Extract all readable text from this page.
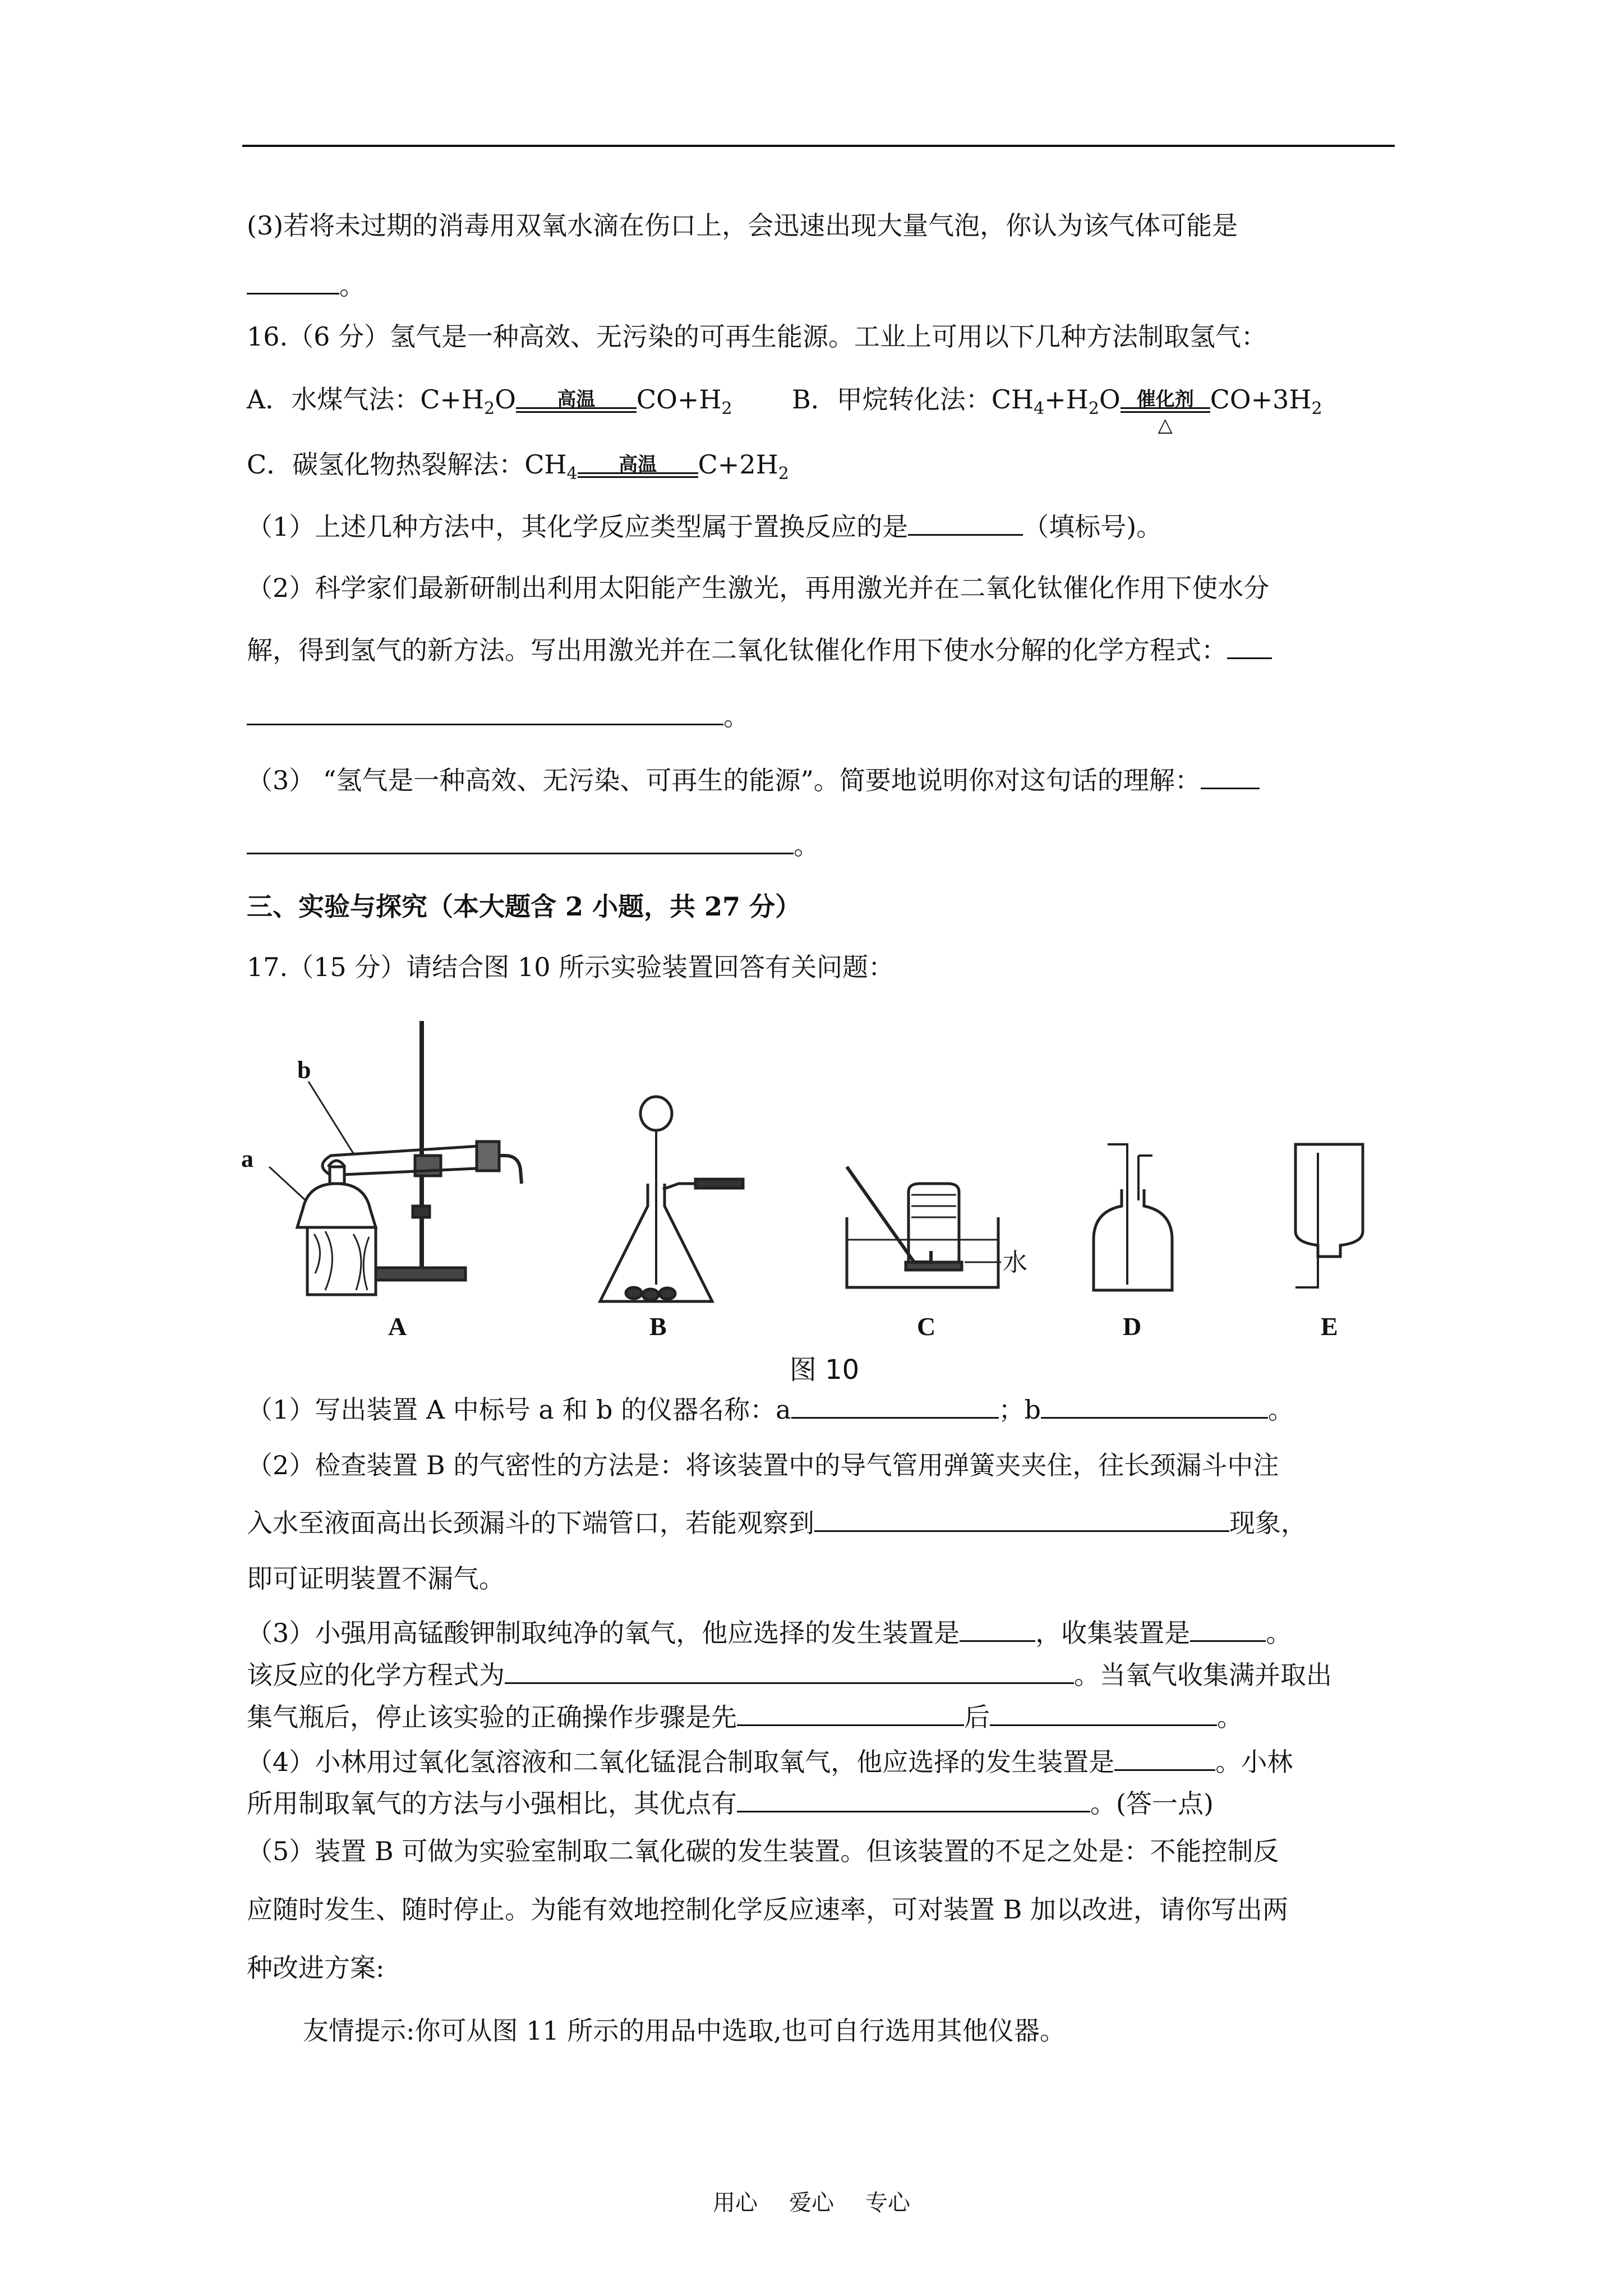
(3)若将未过期的消毒用双氧水滴在伤口上，会迅速出现大量气泡，你认为该气体可能是
。
16.（6 分）氢气是一种高效、无污染的可再生能源。工业上可用以下几种方法制取氢气：
A．水煤气法：$C+H_2O$	高温	$CO+H_2$ B．甲烷转化法：$CH_4+H_2O$ 催化剂
△
$CO+3H_2$
C．碳氢化物热裂解法：$CH_4$	高温	$C+2H_2$
（1）上述几种方法中，其化学反应类型属于置换反应的是	（填标号)。
（2）科学家们最新研制出利用太阳能产生激光，再用激光并在二氧化钛催化作用下使水分
解，得到氢气的新方法。写出用激光并在二氧化钛催化作用下使水分解的化学方程式：
。
（3） “氢气是一种高效、无污染、可再生的能源”。简要地说明你对这句话的理解：
。
三、实验与探究（本大题含 2 小题，共 27 分）
17.（15 分）请结合图 10 所示实验装置回答有关问题：
b
a
A	B
水
C	D	E
图 10
（1）写出装置 A 中标号 a 和 b 的仪器名称：a	；b	。
（2）检查装置 B 的气密性的方法是：将该装置中的导气管用弹簧夹夹住，往长颈漏斗中注
入水至液面高出长颈漏斗的下端管口，若能观察到	现象，
即可证明装置不漏气。
（3）小强用高锰酸钾制取纯净的氧气，他应选择的发生装置是	，收集装置是	。
该反应的化学方程式为	。当氧气收集满并取出
集气瓶后，停止该实验的正确操作步骤是先	后	。
（4）小林用过氧化氢溶液和二氧化锰混合制取氧气，他应选择的发生装置是	。小林
所用制取氧气的方法与小强相比，其优点有	。(答一点)
（5）装置 B 可做为实验室制取二氧化碳的发生装置。但该装置的不足之处是：不能控制反
应随时发生、随时停止。为能有效地控制化学反应速率，可对装置 B 加以改进，请你写出两
种改进方案:
友情提示:你可从图 11 所示的用品中选取,也可自行选用其他仪器。
用心 爱心 专心
